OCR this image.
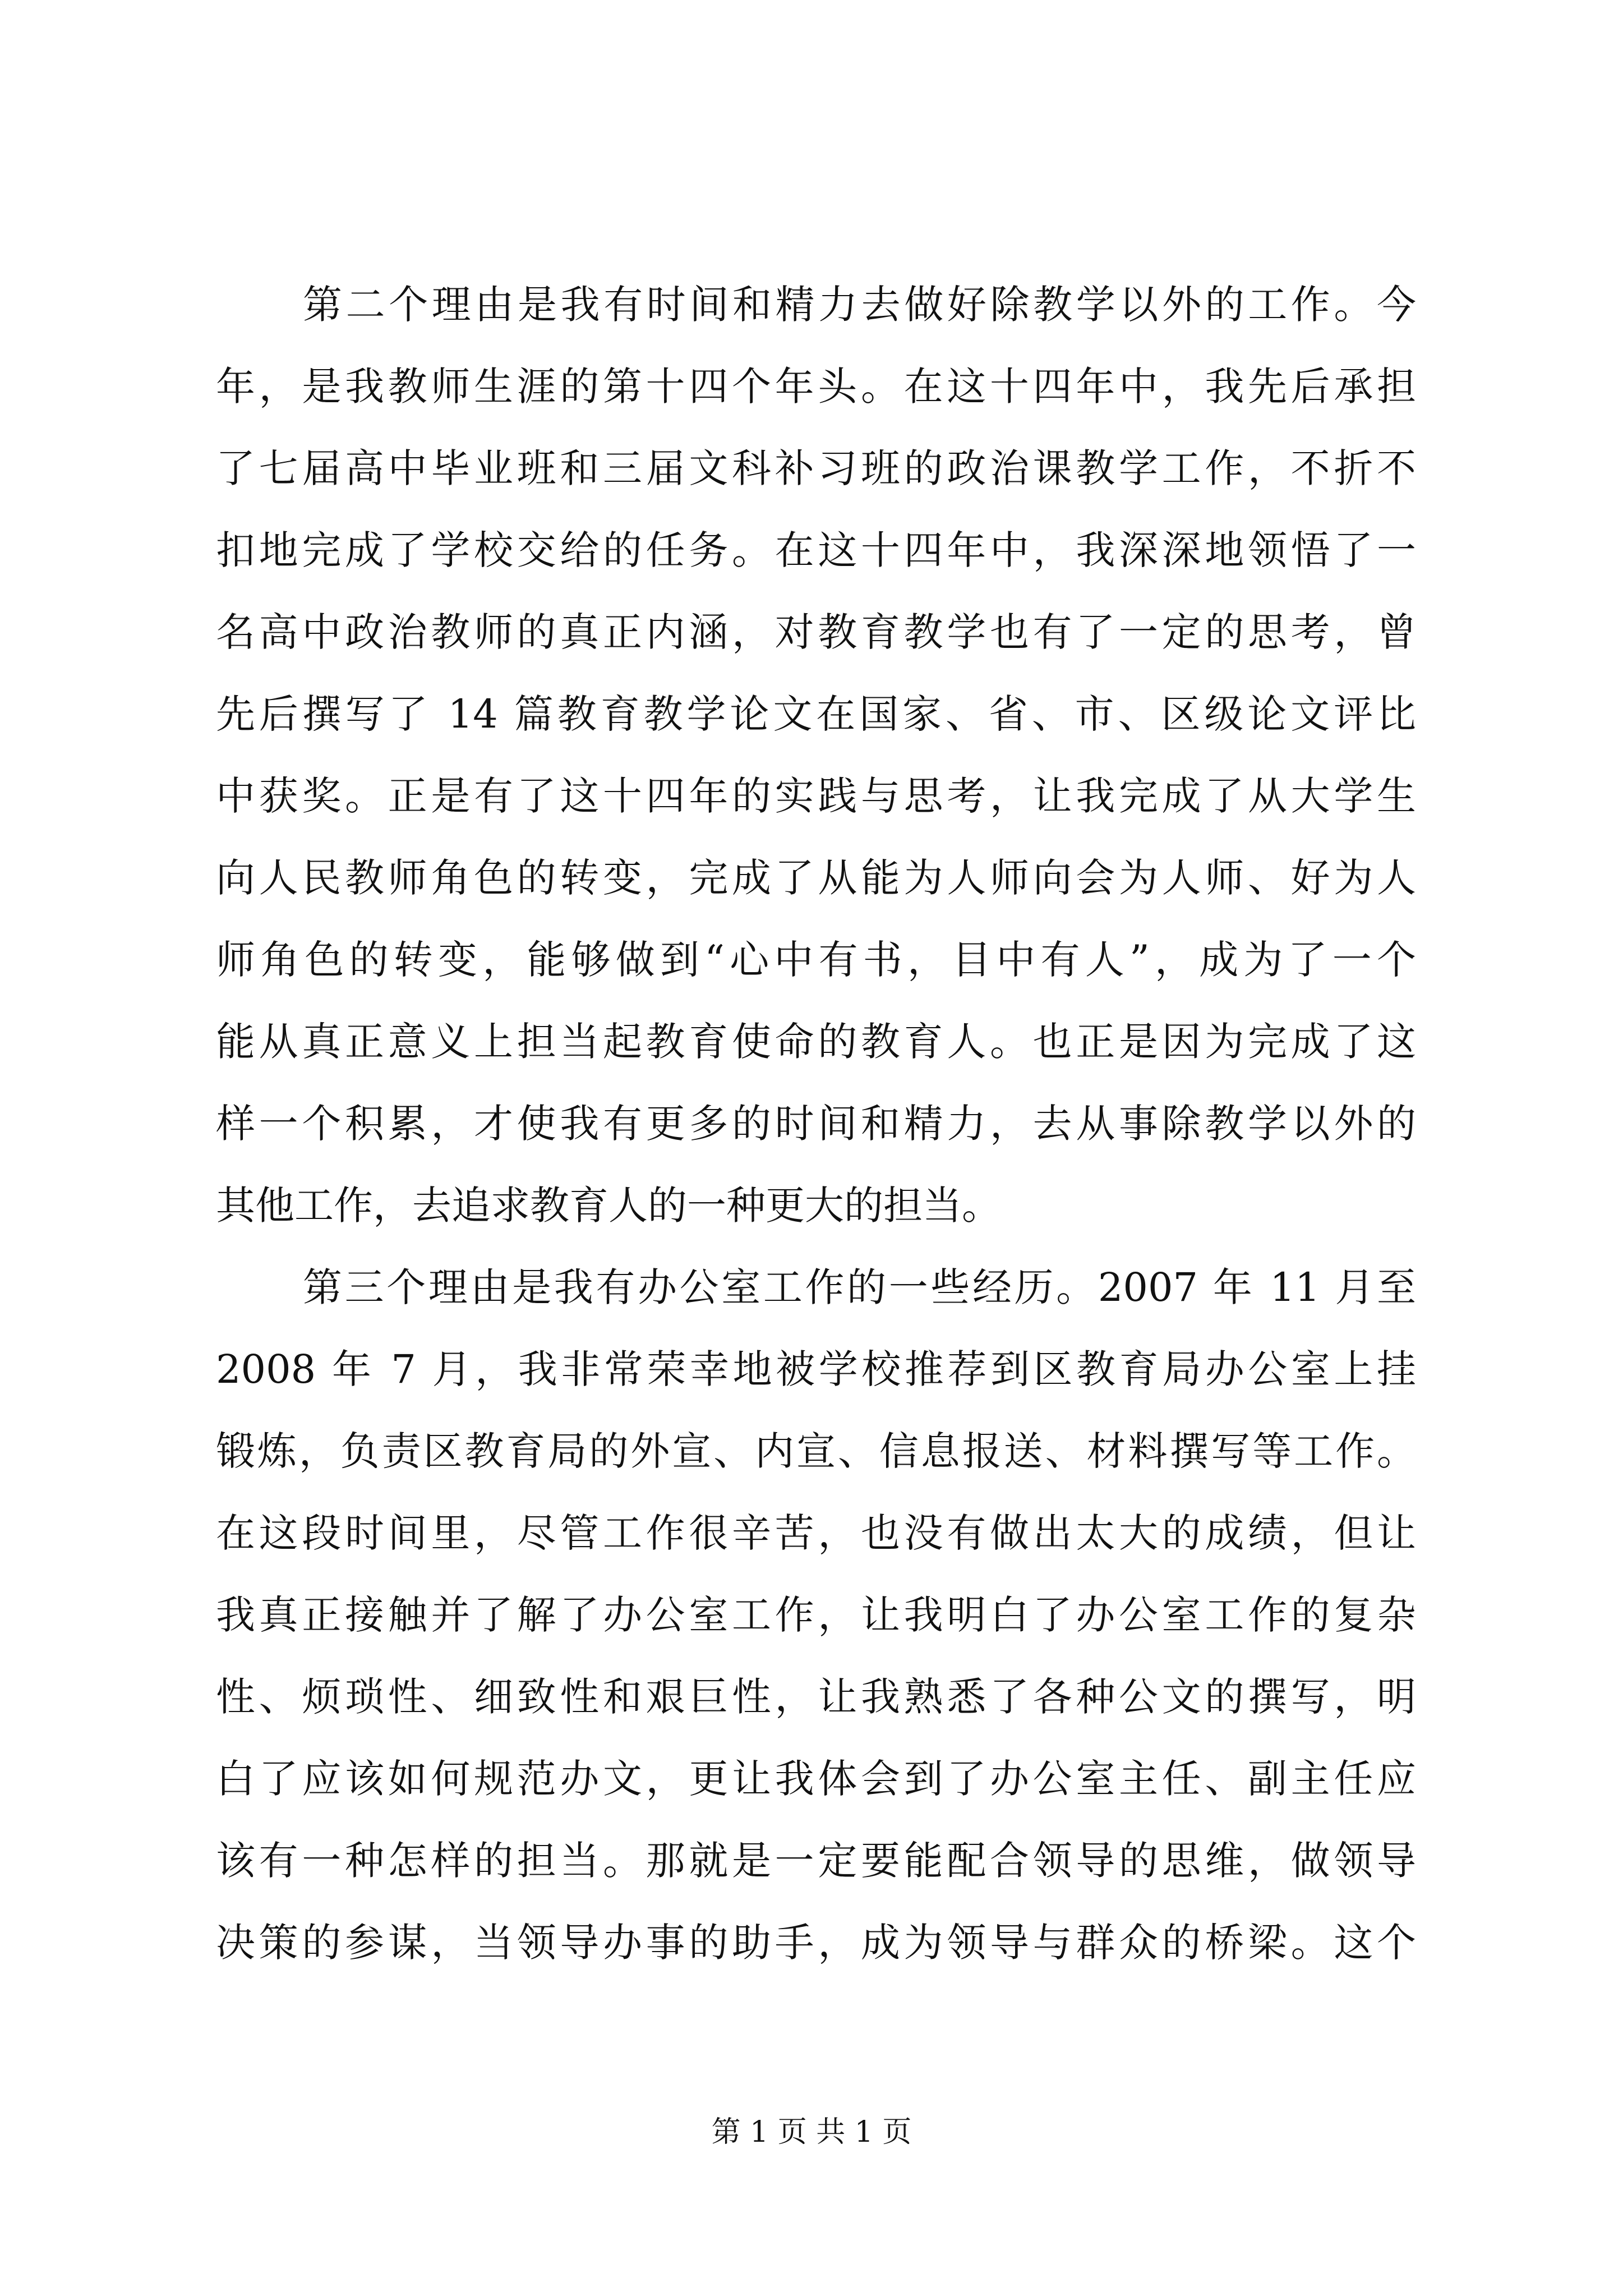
第二个理由是我有时间和精力去做好除教学以外的工作。今
年，是我教师生涯的第十四个年头。在这十四年中，我先后承担
了七届高中毕业班和三届文科补习班的政治课教学工作，不折不
扣地完成了学校交给的任务。在这十四年中，我深深地领悟了一
名高中政治教师的真正内涵，对教育教学也有了一定的思考，曾
先后撰写了 14 篇教育教学论文在国家、省、市、区级论文评比
中获奖。正是有了这十四年的实践与思考，让我完成了从大学生
向人民教师角色的转变，完成了从能为人师向会为人师、好为人
师角色的转变，能够做到“心中有书，目中有人”，成为了一个
能从真正意义上担当起教育使命的教育人。也正是因为完成了这
样一个积累，才使我有更多的时间和精力，去从事除教学以外的
其他工作，去追求教育人的一种更大的担当。
第三个理由是我有办公室工作的一些经历。2007 年 11 月至
2008 年 7 月，我非常荣幸地被学校推荐到区教育局办公室上挂
锻炼，负责区教育局的外宣、内宣、信息报送、材料撰写等工作。
在这段时间里，尽管工作很辛苦，也没有做出太大的成绩，但让
我真正接触并了解了办公室工作，让我明白了办公室工作的复杂
性、烦琐性、细致性和艰巨性，让我熟悉了各种公文的撰写，明
白了应该如何规范办文，更让我体会到了办公室主任、副主任应
该有一种怎样的担当。那就是一定要能配合领导的思维，做领导
决策的参谋，当领导办事的助手，成为领导与群众的桥梁。这个
第 1 页 共 1 页
